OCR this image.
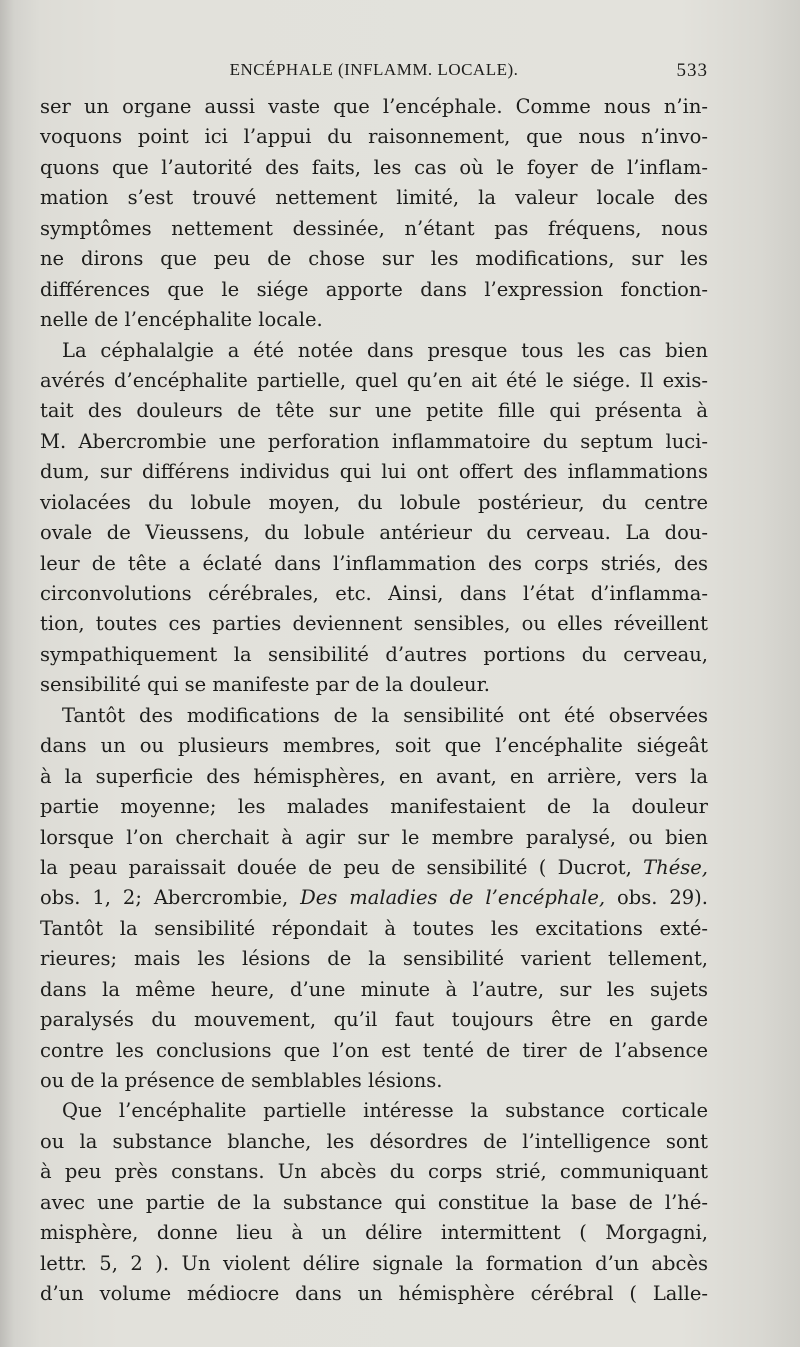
ENCÉPHALE (INFLAMM. LOCALE).	533
ser un organe aussi vaste que l’encéphale. Comme nous n’in-
voquons point ici l’appui du raisonnement, que nous n’invo-
quons que l’autorité des faits, les cas où le foyer de l’inflam-
mation s’est trouvé nettement limité, la valeur locale des
symptômes nettement dessinée, n’étant pas fréquens, nous
ne dirons que peu de chose sur les modifications, sur les
différences que le siége apporte dans l’expression fonction-
nelle de l’encéphalite locale.
La céphalalgie a été notée dans presque tous les cas bien
avérés d’encéphalite partielle, quel qu’en ait été le siége. Il exis-
tait des douleurs de tête sur une petite fille qui présenta à
M. Abercrombie une perforation inflammatoire du septum luci-
dum, sur différens individus qui lui ont offert des inflammations
violacées du lobule moyen, du lobule postérieur, du centre
ovale de Vieussens, du lobule antérieur du cerveau. La dou-
leur de tête a éclaté dans l’inflammation des corps striés, des
circonvolutions cérébrales, etc. Ainsi, dans l’état d’inflamma-
tion, toutes ces parties deviennent sensibles, ou elles réveillent
sympathiquement la sensibilité d’autres portions du cerveau,
sensibilité qui se manifeste par de la douleur.
Tantôt des modifications de la sensibilité ont été observées
dans un ou plusieurs membres, soit que l’encéphalite siégeât
à la superficie des hémisphères, en avant, en arrière, vers la
partie moyenne; les malades manifestaient de la douleur
lorsque l’on cherchait à agir sur le membre paralysé, ou bien
la peau paraissait douée de peu de sensibilité ( Ducrot, Thése,
obs. 1, 2; Abercrombie, Des maladies de l’encéphale, obs. 29).
Tantôt la sensibilité répondait à toutes les excitations exté-
rieures; mais les lésions de la sensibilité varient tellement,
dans la même heure, d’une minute à l’autre, sur les sujets
paralysés du mouvement, qu’il faut toujours être en garde
contre les conclusions que l’on est tenté de tirer de l’absence
ou de la présence de semblables lésions.
Que l’encéphalite partielle intéresse la substance corticale
ou la substance blanche, les désordres de l’intelligence sont
à peu près constans. Un abcès du corps strié, communiquant
avec une partie de la substance qui constitue la base de l’hé-
misphère, donne lieu à un délire intermittent ( Morgagni,
lettr. 5, 2 ). Un violent délire signale la formation d’un abcès
d’un volume médiocre dans un hémisphère cérébral ( Lalle-
